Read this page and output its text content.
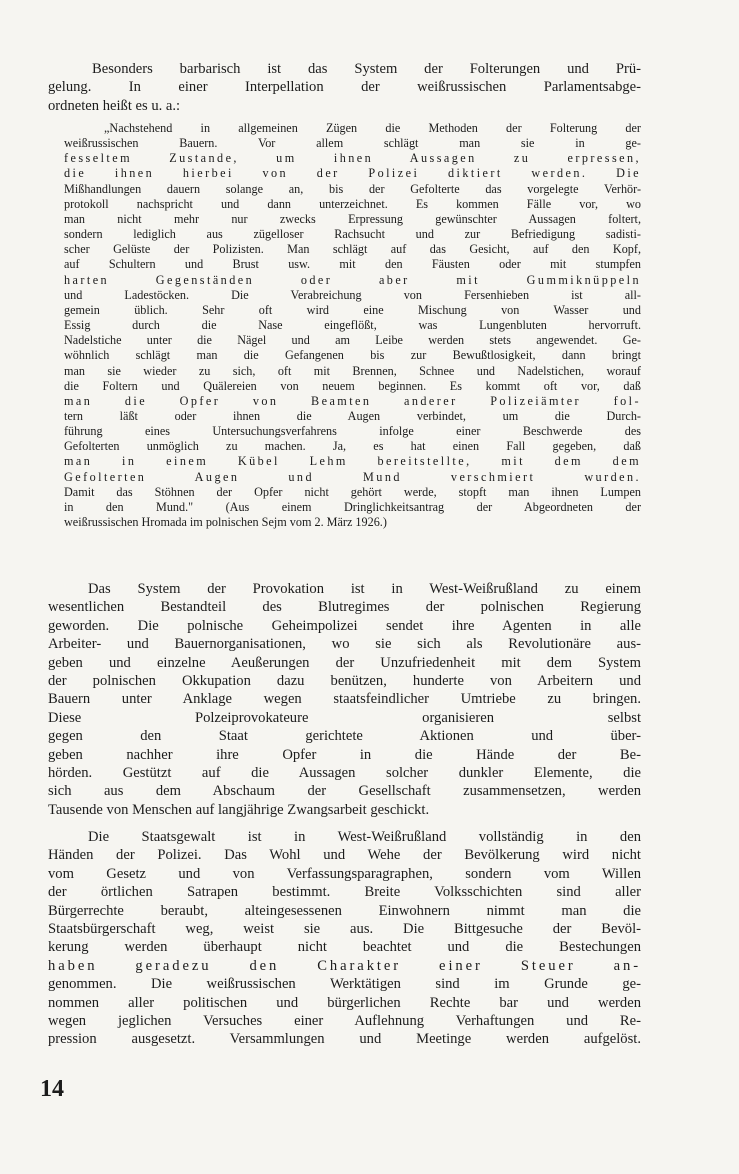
Besonders barbarisch ist das System der Folterungen und Prü-
gelung. In einer Interpellation der weißrussischen Parlamentsabge-
ordneten heißt es u. a.:
„Nachstehend in allgemeinen Zügen die Methoden der Folterung der
weißrussischen Bauern. Vor allem schlägt man sie in ge-
fesseltem Zustande, um ihnen Aussagen zu erpressen,
die ihnen hierbei von der Polizei diktiert werden. Die
Mißhandlungen dauern solange an, bis der Gefolterte das vorgelegte Verhör-
protokoll nachspricht und dann unterzeichnet. Es kommen Fälle vor, wo
man nicht mehr nur zwecks Erpressung gewünschter Aussagen foltert,
sondern lediglich aus zügelloser Rachsucht und zur Befriedigung sadisti-
scher Gelüste der Polizisten. Man schlägt auf das Gesicht, auf den Kopf,
auf Schultern und Brust usw. mit den Fäusten oder mit stumpfen
harten Gegenständen oder aber mit Gummiknüppeln
und Ladestöcken. Die Verabreichung von Fersenhieben ist all-
gemein üblich. Sehr oft wird eine Mischung von Wasser und
Essig durch die Nase eingeflößt, was Lungenbluten hervorruft.
Nadelstiche unter die Nägel und am Leibe werden stets angewendet. Ge-
wöhnlich schlägt man die Gefangenen bis zur Bewußtlosigkeit, dann bringt
man sie wieder zu sich, oft mit Brennen, Schnee und Nadelstichen, worauf
die Foltern und Quälereien von neuem beginnen. Es kommt oft vor, daß
man die Opfer von Beamten anderer Polizeiämter fol-
tern läßt oder ihnen die Augen verbindet, um die Durch-
führung eines Untersuchungsverfahrens infolge einer Beschwerde des
Gefolterten unmöglich zu machen. Ja, es hat einen Fall gegeben, daß
man in einem Kübel Lehm bereitstellte, mit dem dem
Gefolterten Augen und Mund verschmiert wurden.
Damit das Stöhnen der Opfer nicht gehört werde, stopft man ihnen Lumpen
in den Mund." (Aus einem Dringlichkeitsantrag der Abgeordneten der
weißrussischen Hromada im polnischen Sejm vom 2. März 1926.)
Das System der Provokation ist in West-Weißrußland zu einem
wesentlichen Bestandteil des Blutregimes der polnischen Regierung
geworden. Die polnische Geheimpolizei sendet ihre Agenten in alle
Arbeiter- und Bauernorganisationen, wo sie sich als Revolutionäre aus-
geben und einzelne Aeußerungen der Unzufriedenheit mit dem System
der polnischen Okkupation dazu benützen, hunderte von Arbeitern und
Bauern unter Anklage wegen staatsfeindlicher Umtriebe zu bringen.
Diese Polzeiprovokateure organisieren selbst
gegen den Staat gerichtete Aktionen und über-
geben nachher ihre Opfer in die Hände der Be-
hörden. Gestützt auf die Aussagen solcher dunkler Elemente, die
sich aus dem Abschaum der Gesellschaft zusammensetzen, werden
Tausende von Menschen auf langjährige Zwangsarbeit geschickt.
Die Staatsgewalt ist in West-Weißrußland vollständig in den
Händen der Polizei. Das Wohl und Wehe der Bevölkerung wird nicht
vom Gesetz und von Verfassungsparagraphen, sondern vom Willen
der örtlichen Satrapen bestimmt. Breite Volksschichten sind aller
Bürgerrechte beraubt, alteingesessenen Einwohnern nimmt man die
Staatsbürgerschaft weg, weist sie aus. Die Bittgesuche der Bevöl-
kerung werden überhaupt nicht beachtet und die Bestechungen
haben geradezu den Charakter einer Steuer an-
genommen. Die weißrussischen Werktätigen sind im Grunde ge-
nommen aller politischen und bürgerlichen Rechte bar und werden
wegen jeglichen Versuches einer Auflehnung Verhaftungen und Re-
pression ausgesetzt. Versammlungen und Meetinge werden aufgelöst.
14
